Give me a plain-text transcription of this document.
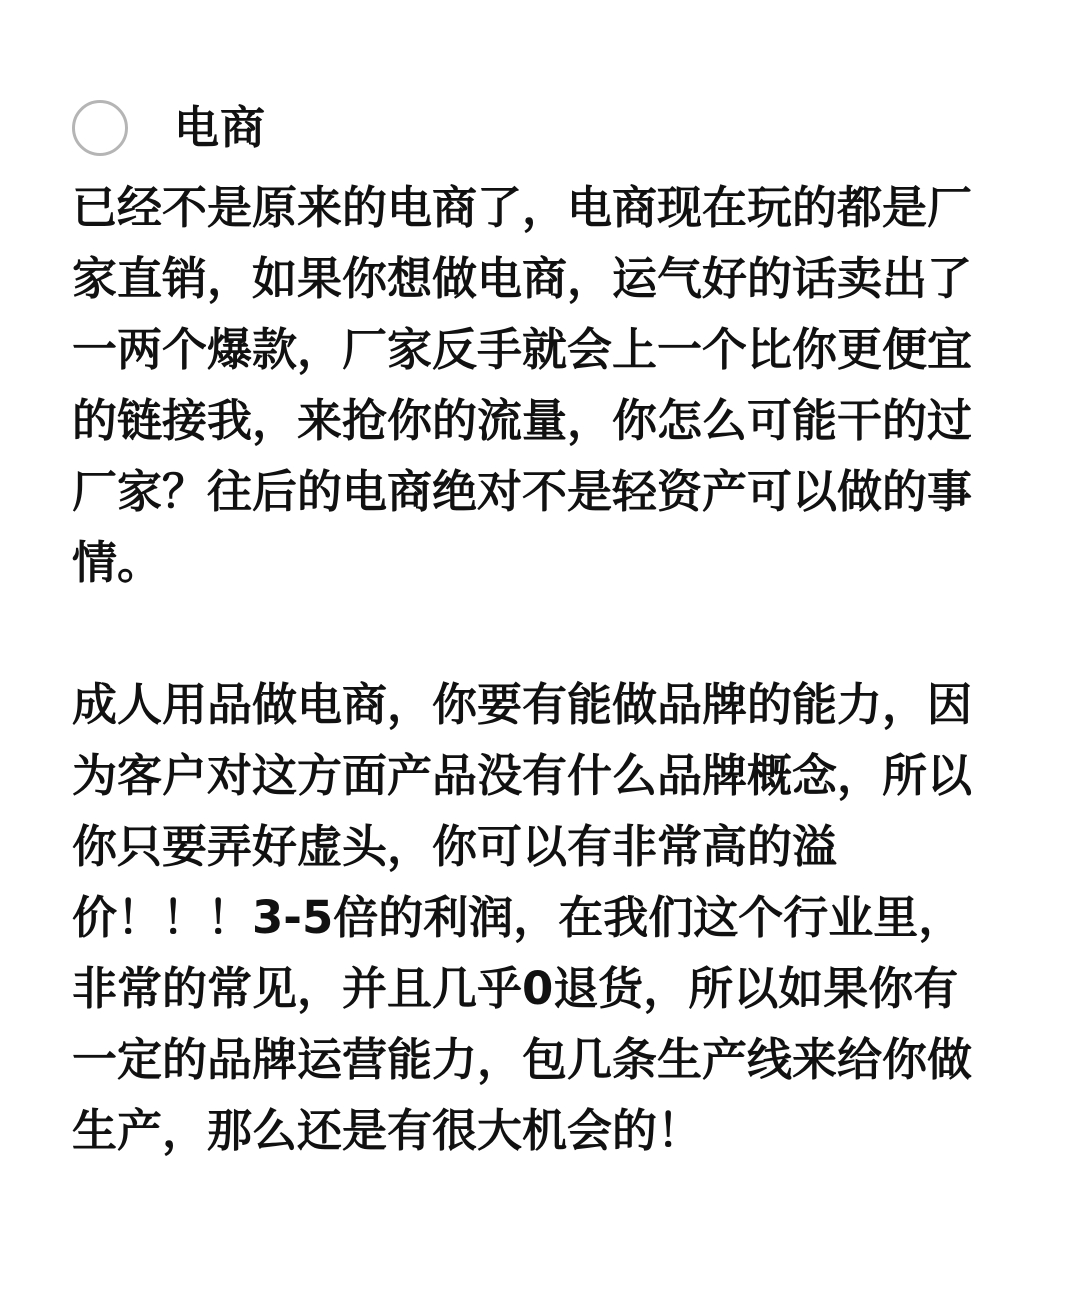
电商

已经不是原来的电商了，电商现在玩的都是厂家直销，如果你想做电商，运气好的话卖出了一两个爆款，厂家反手就会上一个比你更便宜的链接我，来抢你的流量，你怎么可能干的过厂家？往后的电商绝对不是轻资产可以做的事情。

成人用品做电商，你要有能做品牌的能力，因为客户对这方面产品没有什么品牌概念，所以你只要弄好虚头，你可以有非常高的溢价！！！3-5倍的利润，在我们这个行业里，非常的常见，并且几乎0退货，所以如果你有一定的品牌运营能力，包几条生产线来给你做生产，那么还是有很大机会的！
